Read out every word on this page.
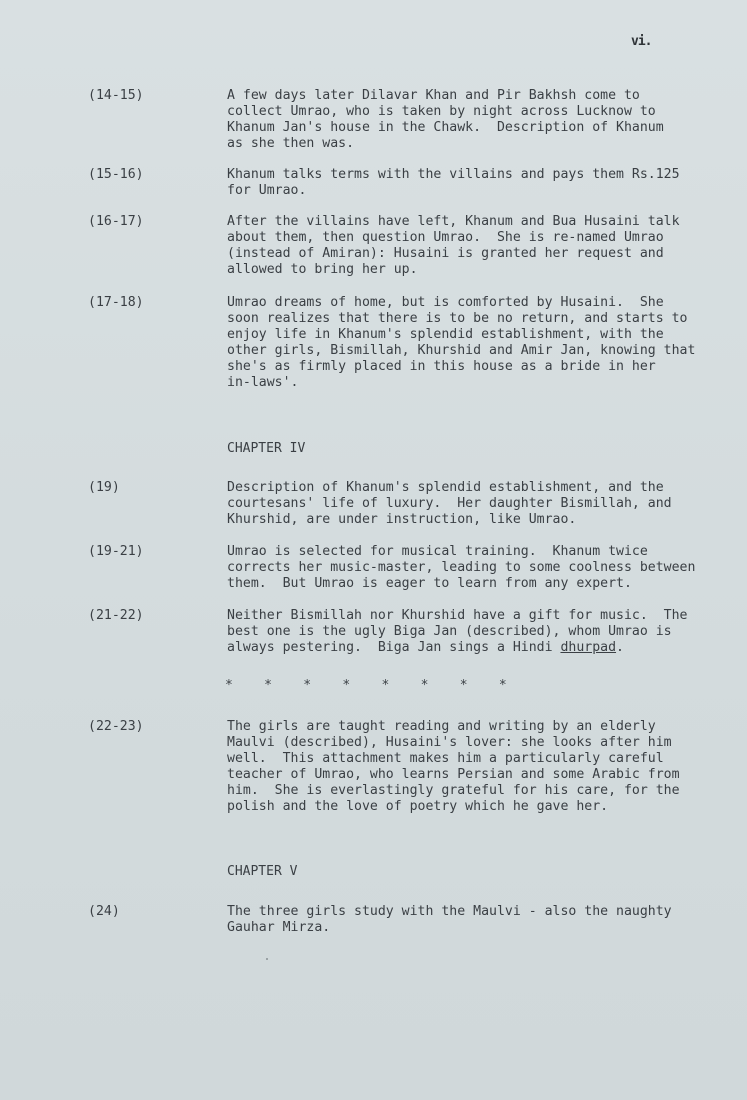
vi.
(14-15)	A few days later Dilavar Khan and Pir Bakhsh come to
collect Umrao, who is taken by night across Lucknow to
Khanum Jan's house in the Chawk.  Description of Khanum
as she then was.
(15-16)	Khanum talks terms with the villains and pays them Rs.125
for Umrao.
(16-17)	After the villains have left, Khanum and Bua Husaini talk
about them, then question Umrao.  She is re-named Umrao
(instead of Amiran): Husaini is granted her request and
allowed to bring her up.
(17-18)	Umrao dreams of home, but is comforted by Husaini.  She
soon realizes that there is to be no return, and starts to
enjoy life in Khanum's splendid establishment, with the
other girls, Bismillah, Khurshid and Amir Jan, knowing that
she's as firmly placed in this house as a bride in her
in-laws'.
CHAPTER IV
(19)	Description of Khanum's splendid establishment, and the
courtesans' life of luxury.  Her daughter Bismillah, and
Khurshid, are under instruction, like Umrao.
(19-21)	Umrao is selected for musical training.  Khanum twice
corrects her music-master, leading to some coolness between
them.  But Umrao is eager to learn from any expert.
(21-22)	Neither Bismillah nor Khurshid have a gift for music.  The
best one is the ugly Biga Jan (described), whom Umrao is
always pestering.  Biga Jan sings a Hindi dhurpad.
*    *    *    *    *    *    *    *
(22-23)	The girls are taught reading and writing by an elderly
Maulvi (described), Husaini's lover: she looks after him
well.  This attachment makes him a particularly careful
teacher of Umrao, who learns Persian and some Arabic from
him.  She is everlastingly grateful for his care, for the
polish and the love of poetry which he gave her.
CHAPTER V
(24)	The three girls study with the Maulvi - also the naughty
Gauhar Mirza.
